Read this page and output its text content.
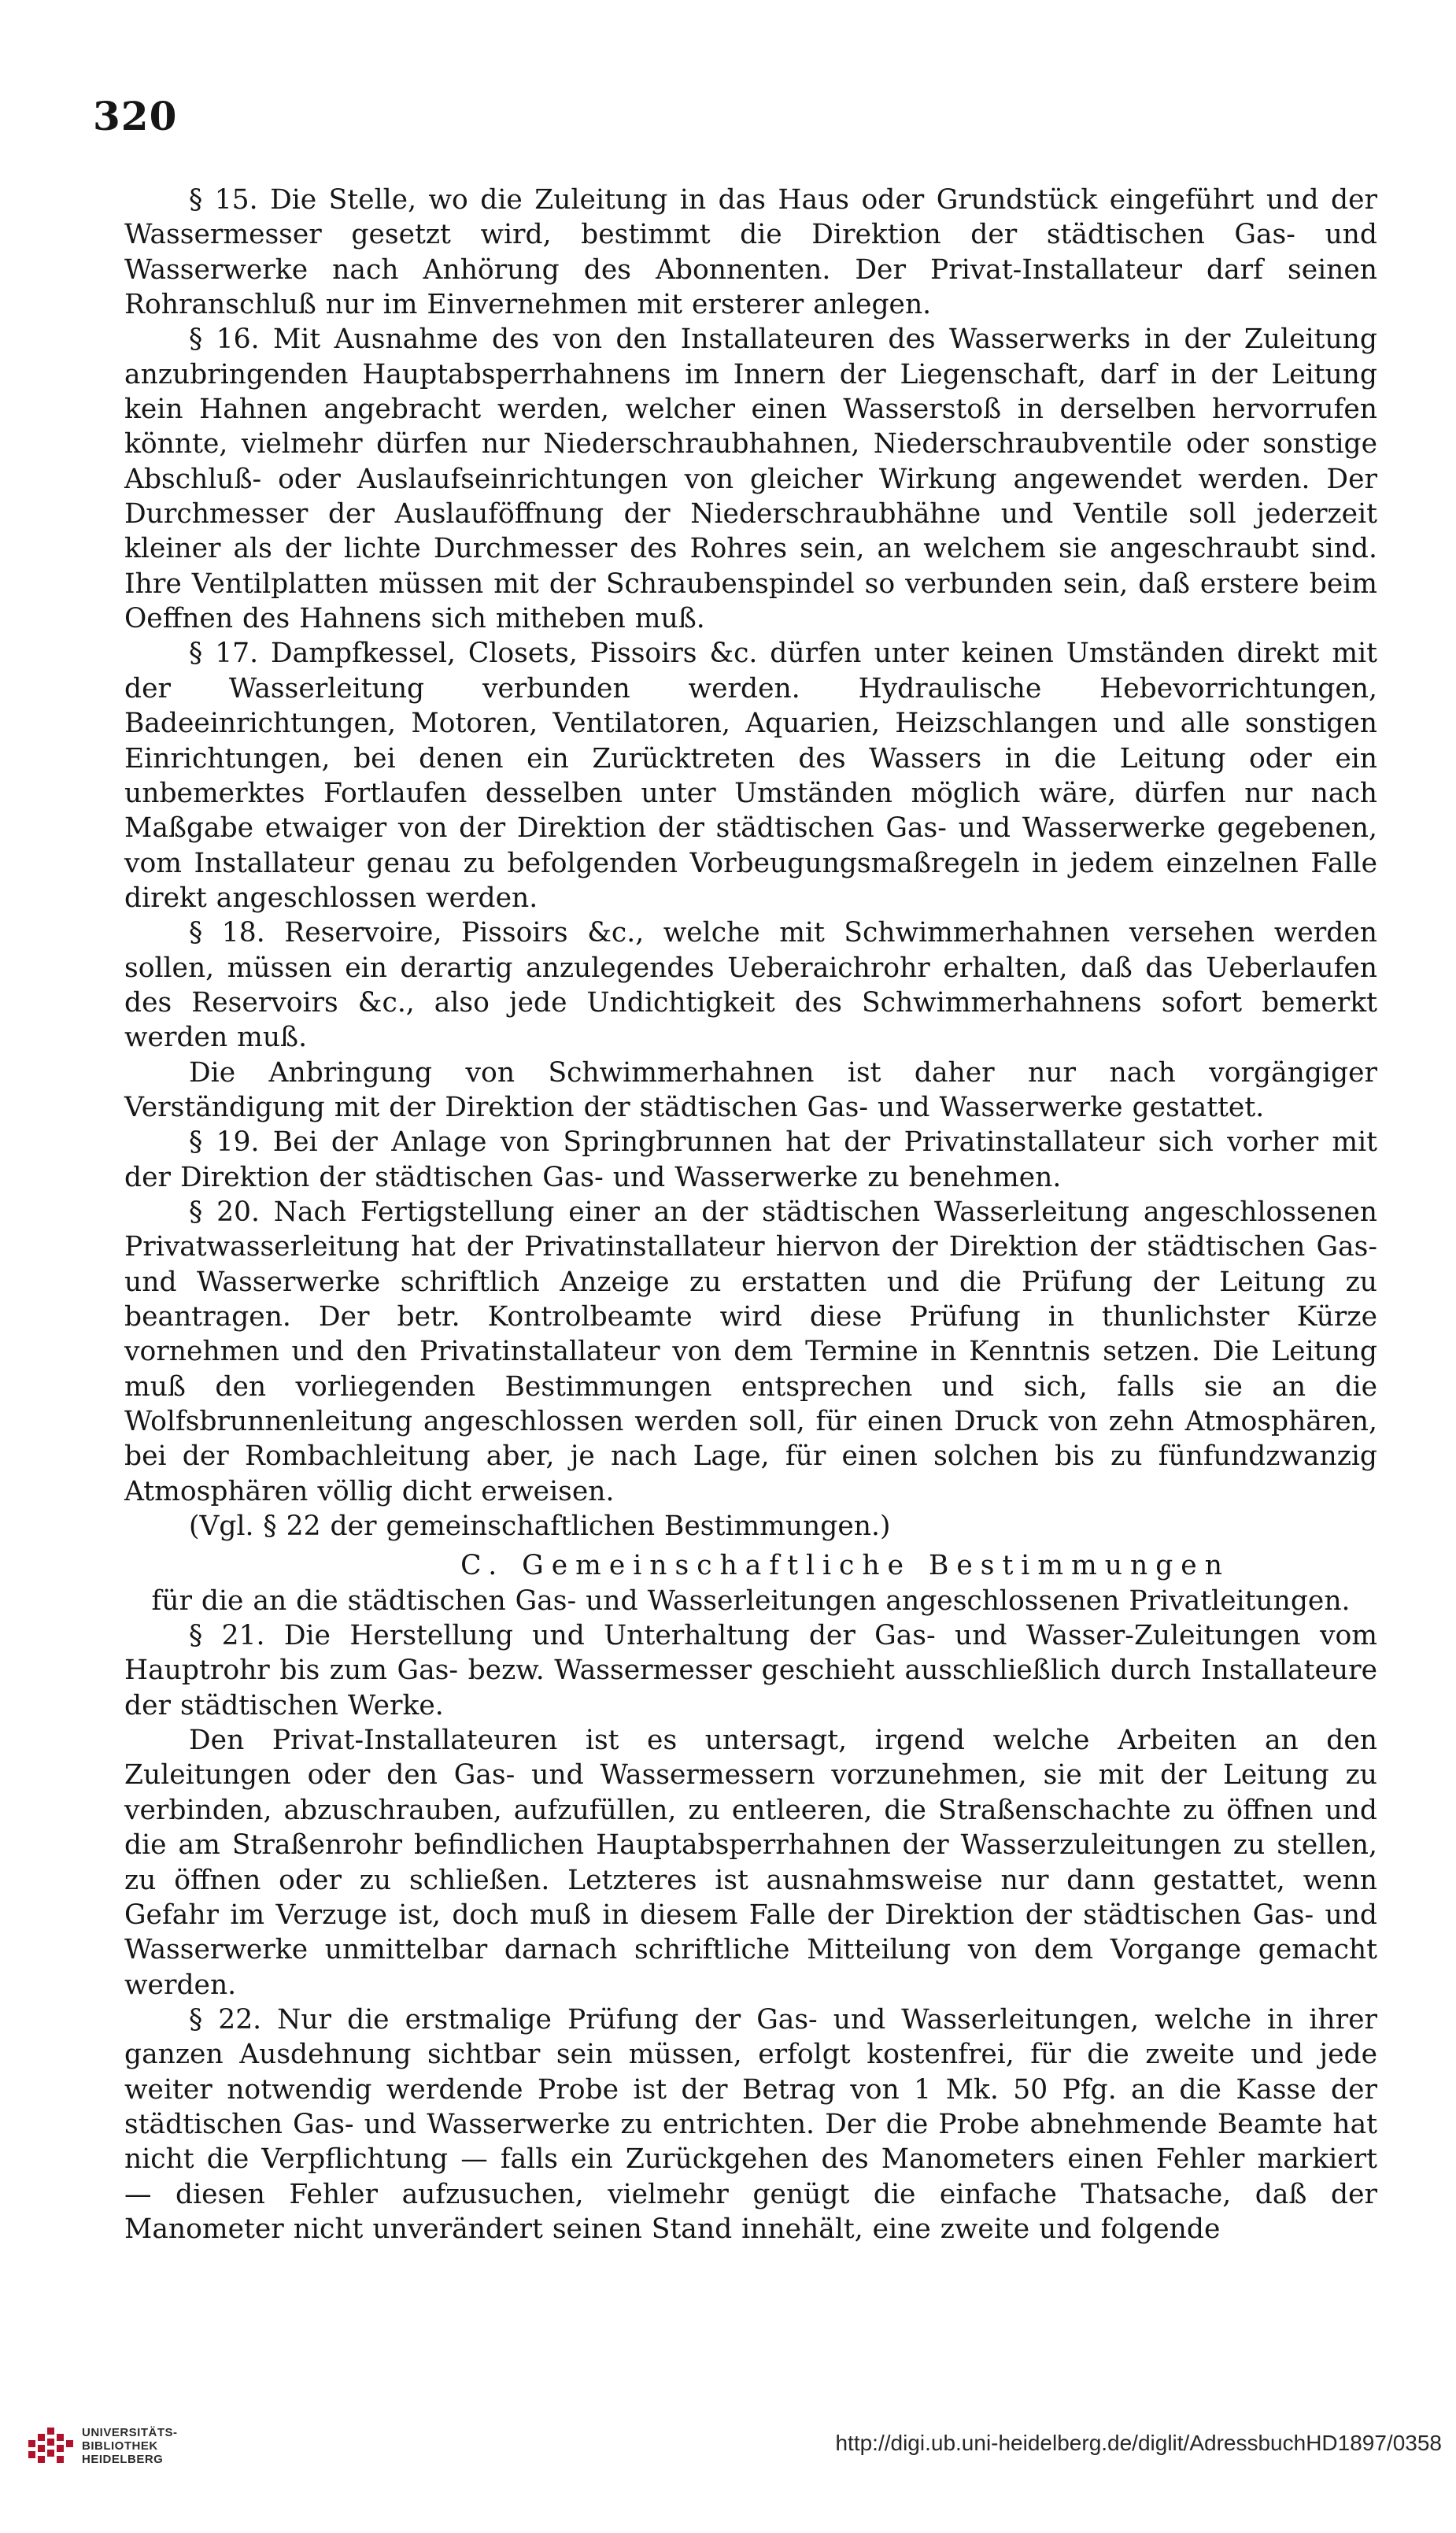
320

§ 15. Die Stelle, wo die Zuleitung in das Haus oder Grundstück eingeführt und der Wassermesser gesetzt wird, bestimmt die Direktion der städtischen Gas- und Wasserwerke nach Anhörung des Abonnenten. Der Privat-Installateur darf seinen Rohranschluß nur im Einvernehmen mit ersterer anlegen.

§ 16. Mit Ausnahme des von den Installateuren des Wasserwerks in der Zuleitung anzubringenden Hauptabsperrhahnens im Innern der Liegenschaft, darf in der Leitung kein Hahnen angebracht werden, welcher einen Wasserstoß in derselben hervorrufen könnte, vielmehr dürfen nur Niederschraubhahnen, Niederschraubventile oder sonstige Abschluß- oder Auslaufseinrichtungen von gleicher Wirkung angewendet werden. Der Durchmesser der Auslauföffnung der Niederschraubhähne und Ventile soll jederzeit kleiner als der lichte Durchmesser des Rohres sein, an welchem sie angeschraubt sind. Ihre Ventilplatten müssen mit der Schraubenspindel so verbunden sein, daß erstere beim Oeffnen des Hahnens sich mitheben muß.

§ 17. Dampfkessel, Closets, Pissoirs &c. dürfen unter keinen Umständen direkt mit der Wasserleitung verbunden werden. Hydraulische Hebevorrichtungen, Badeeinrichtungen, Motoren, Ventilatoren, Aquarien, Heizschlangen und alle sonstigen Einrichtungen, bei denen ein Zurücktreten des Wassers in die Leitung oder ein unbemerktes Fortlaufen desselben unter Umständen möglich wäre, dürfen nur nach Maßgabe etwaiger von der Direktion der städtischen Gas- und Wasserwerke gegebenen, vom Installateur genau zu befolgenden Vorbeugungsmaßregeln in jedem einzelnen Falle direkt angeschlossen werden.

§ 18. Reservoire, Pissoirs &c., welche mit Schwimmerhahnen versehen werden sollen, müssen ein derartig anzulegendes Ueberaichrohr erhalten, daß das Ueberlaufen des Reservoirs &c., also jede Undichtigkeit des Schwimmerhahnens sofort bemerkt werden muß.

Die Anbringung von Schwimmerhahnen ist daher nur nach vorgängiger Verständigung mit der Direktion der städtischen Gas- und Wasserwerke gestattet.

§ 19. Bei der Anlage von Springbrunnen hat der Privatinstallateur sich vorher mit der Direktion der städtischen Gas- und Wasserwerke zu benehmen.

§ 20. Nach Fertigstellung einer an der städtischen Wasserleitung angeschlossenen Privatwasserleitung hat der Privatinstallateur hiervon der Direktion der städtischen Gas- und Wasserwerke schriftlich Anzeige zu erstatten und die Prüfung der Leitung zu beantragen. Der betr. Kontrolbeamte wird diese Prüfung in thunlichster Kürze vornehmen und den Privatinstallateur von dem Termine in Kenntnis setzen. Die Leitung muß den vorliegenden Bestimmungen entsprechen und sich, falls sie an die Wolfsbrunnenleitung angeschlossen werden soll, für einen Druck von zehn Atmosphären, bei der Rombachleitung aber, je nach Lage, für einen solchen bis zu fünfundzwanzig Atmosphären völlig dicht erweisen.

(Vgl. § 22 der gemeinschaftlichen Bestimmungen.)

C. Gemeinschaftliche Bestimmungen

für die an die städtischen Gas- und Wasserleitungen angeschlossenen Privatleitungen.

§ 21. Die Herstellung und Unterhaltung der Gas- und Wasser-Zuleitungen vom Hauptrohr bis zum Gas- bezw. Wassermesser geschieht ausschließlich durch Installateure der städtischen Werke.

Den Privat-Installateuren ist es untersagt, irgend welche Arbeiten an den Zuleitungen oder den Gas- und Wassermessern vorzunehmen, sie mit der Leitung zu verbinden, abzuschrauben, aufzufüllen, zu entleeren, die Straßenschachte zu öffnen und die am Straßenrohr befindlichen Hauptabsperrhahnen der Wasserzuleitungen zu stellen, zu öffnen oder zu schließen. Letzteres ist ausnahmsweise nur dann gestattet, wenn Gefahr im Verzuge ist, doch muß in diesem Falle der Direktion der städtischen Gas- und Wasserwerke unmittelbar darnach schriftliche Mitteilung von dem Vorgange gemacht werden.

§ 22. Nur die erstmalige Prüfung der Gas- und Wasserleitungen, welche in ihrer ganzen Ausdehnung sichtbar sein müssen, erfolgt kostenfrei, für die zweite und jede weiter notwendig werdende Probe ist der Betrag von 1 Mk. 50 Pfg. an die Kasse der städtischen Gas- und Wasserwerke zu entrichten. Der die Probe abnehmende Beamte hat nicht die Verpflichtung — falls ein Zurückgehen des Manometers einen Fehler markiert — diesen Fehler aufzusuchen, vielmehr genügt die einfache Thatsache, daß der Manometer nicht unverändert seinen Stand innehält, eine zweite und folgende

UNIVERSITÄTS-
BIBLIOTHEK
HEIDELBERG
http://digi.ub.uni-heidelberg.de/diglit/AdressbuchHD1897/0358
